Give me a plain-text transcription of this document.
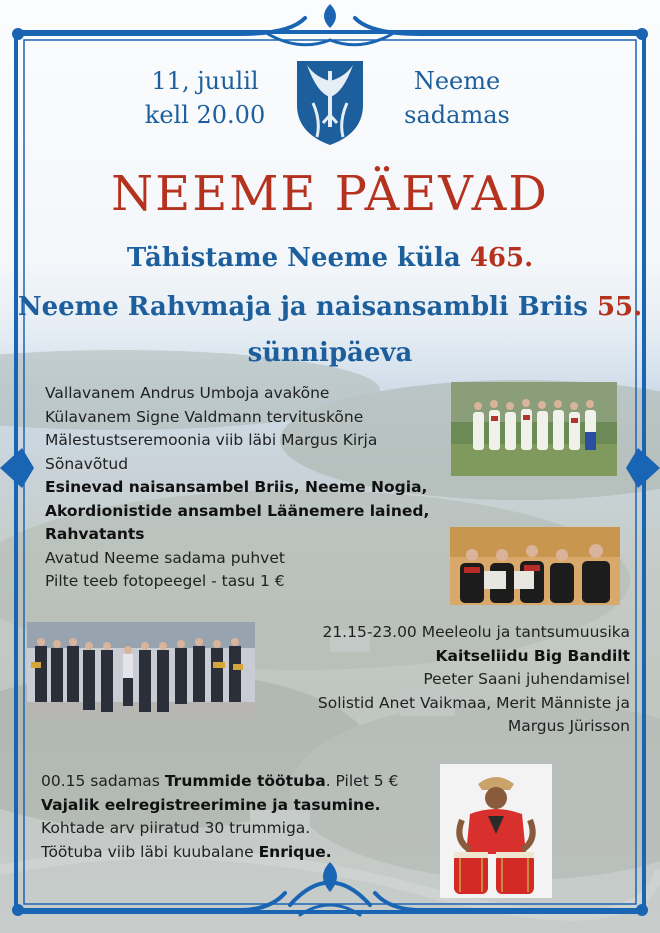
11, juulil
kell 20.00
Neeme
sadamas
NEEME PÄEVAD
Tähistame Neeme küla 465.
Neeme Rahvmaja ja naisansambli Briis 55.
sünnipäeva
Vallavanem Andrus Umboja avakõne
Külavanem Signe Valdmann tervituskõne
Mälestustseremoonia viib läbi Margus Kirja
Sõnavõtud
Esinevad naisansambel Briis, Neeme Nogia,
Akordionistide ansambel Läänemere lained,
Rahvatants
Avatud Neeme sadama puhvet
Pilte teeb fotopeegel - tasu 1 €
21.15-23.00 Meeleolu ja tantsumuusika
Kaitseliidu Big Bandilt
Peeter Saani juhendamisel
Solistid Anet Vaikmaa, Merit Männiste ja
Margus Jürisson
00.15 sadamas Trummide töötuba. Pilet 5 €
Vajalik eelregistreerimine ja tasumine.
Kohtade arv piiratud 30 trummiga.
Töötuba viib läbi kuubalane Enrique.
